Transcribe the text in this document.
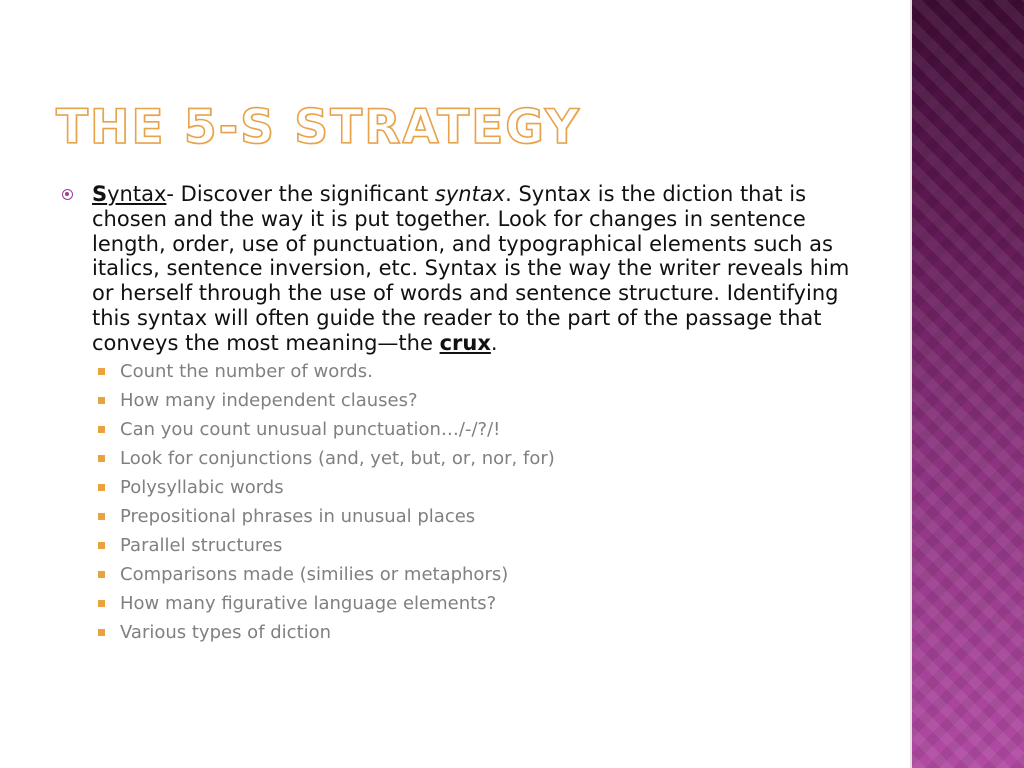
THE 5-S STRATEGY
Syntax- Discover the significant syntax. Syntax is the diction that is chosen and the way it is put together. Look for changes in sentence length, order, use of punctuation, and typographical elements such as italics, sentence inversion, etc. Syntax is the way the writer reveals him or herself through the use of words and sentence structure. Identifying this syntax will often guide the reader to the part of the passage that conveys the most meaning—the crux.
Count the number of words.
How many independent clauses?
Can you count unusual punctuation…/-/?/!
Look for conjunctions (and, yet, but, or, nor, for)
Polysyllabic words
Prepositional phrases in unusual places
Parallel structures
Comparisons made (similies or metaphors)
How many figurative language elements?
Various types of diction
